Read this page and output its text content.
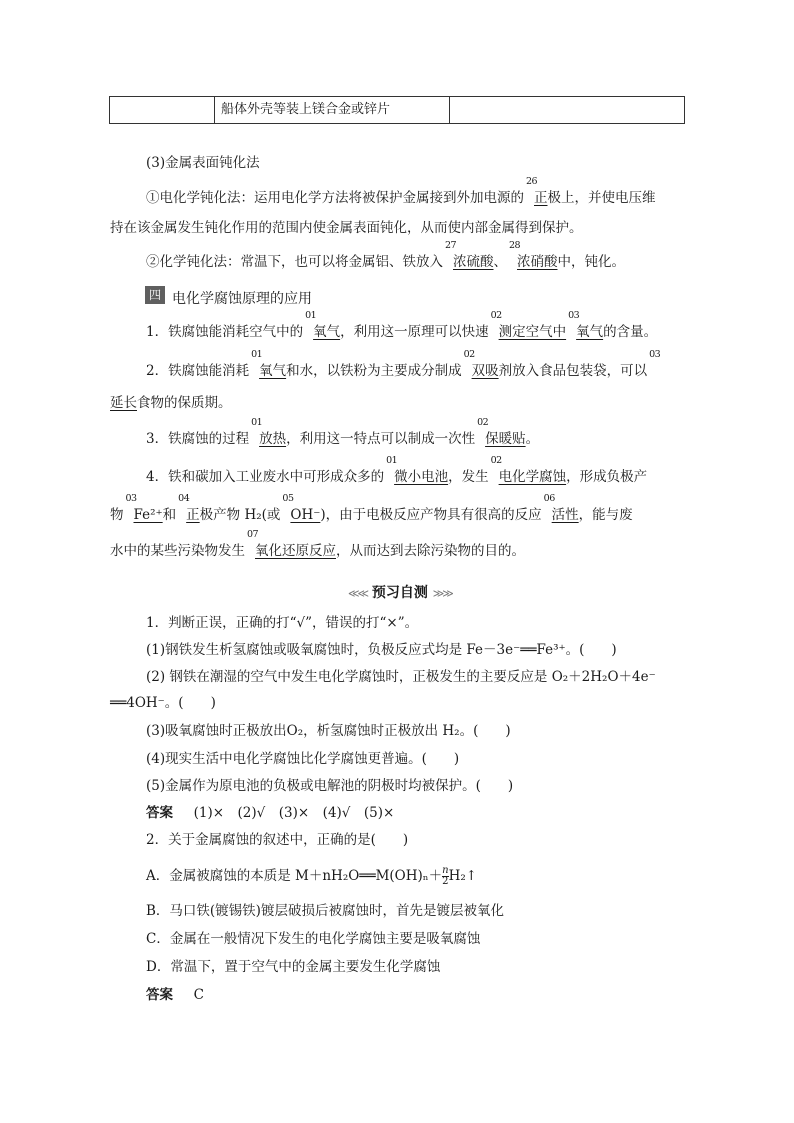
船体外壳等装上镁合金或锌片
(3)金属表面钝化法
①电化学钝化法：运用电化学方法将被保护金属接到外加电源的
26
正极上，并使电压维
持在该金属发生钝化作用的范围内使金属表面钝化，从而使内部金属得到保护。
②化学钝化法：常温下，也可以将金属铝、铁放入
27
浓硫酸、
28
浓硝酸中，钝化。
四 电化学腐蚀原理的应用
1．铁腐蚀能消耗空气中的
01
氧气，利用这一原理可以快速
02
测定空气中
03
氧气的含量。
2．铁腐蚀能消耗
01
氧气和水，以铁粉为主要成分制成
02
双吸剂放入食品包装袋，可以
03
延长食物的保质期。
3．铁腐蚀的过程
01
放热，利用这一特点可以制成一次性
02
保暖贴。
4．铁和碳加入工业废水中可形成众多的
01
微小电池，发生
02
电化学腐蚀，形成负极产
物
03
Fe²⁺和
04
正极产物 H₂(或
05
OH⁻)，由于电极反应产物具有很高的反应
06
活性，能与废
水中的某些污染物发生
07
氧化还原反应，从而达到去除污染物的目的。
≪≪ 预习自测 ≫≫
1．判断正误，正确的打“√”，错误的打“×”。
(1)钢铁发生析氢腐蚀或吸氧腐蚀时，负极反应式均是 Fe－3e⁻══Fe³⁺。(　　)
(2) 钢铁在潮湿的空气中发生电化学腐蚀时，正极发生的主要反应是 O₂＋2H₂O＋4e⁻
══4OH⁻。(　　)
(3)吸氧腐蚀时正极放出O₂，析氢腐蚀时正极放出 H₂。(　　)
(4)现实生活中电化学腐蚀比化学腐蚀更普遍。(　　)
(5)金属作为原电池的负极或电解池的阴极时均被保护。(　　)
答案 (1)×　(2)√　(3)×　(4)√　(5)×
2．关于金属腐蚀的叙述中，正确的是(　　)
A．金属被腐蚀的本质是 M＋nH₂O══M(OH)ₙ＋ $\frac{n}{2}$ H₂↑
B．马口铁(镀锡铁)镀层破损后被腐蚀时，首先是镀层被氧化
C．金属在一般情况下发生的电化学腐蚀主要是吸氧腐蚀
D．常温下，置于空气中的金属主要发生化学腐蚀
答案 C
